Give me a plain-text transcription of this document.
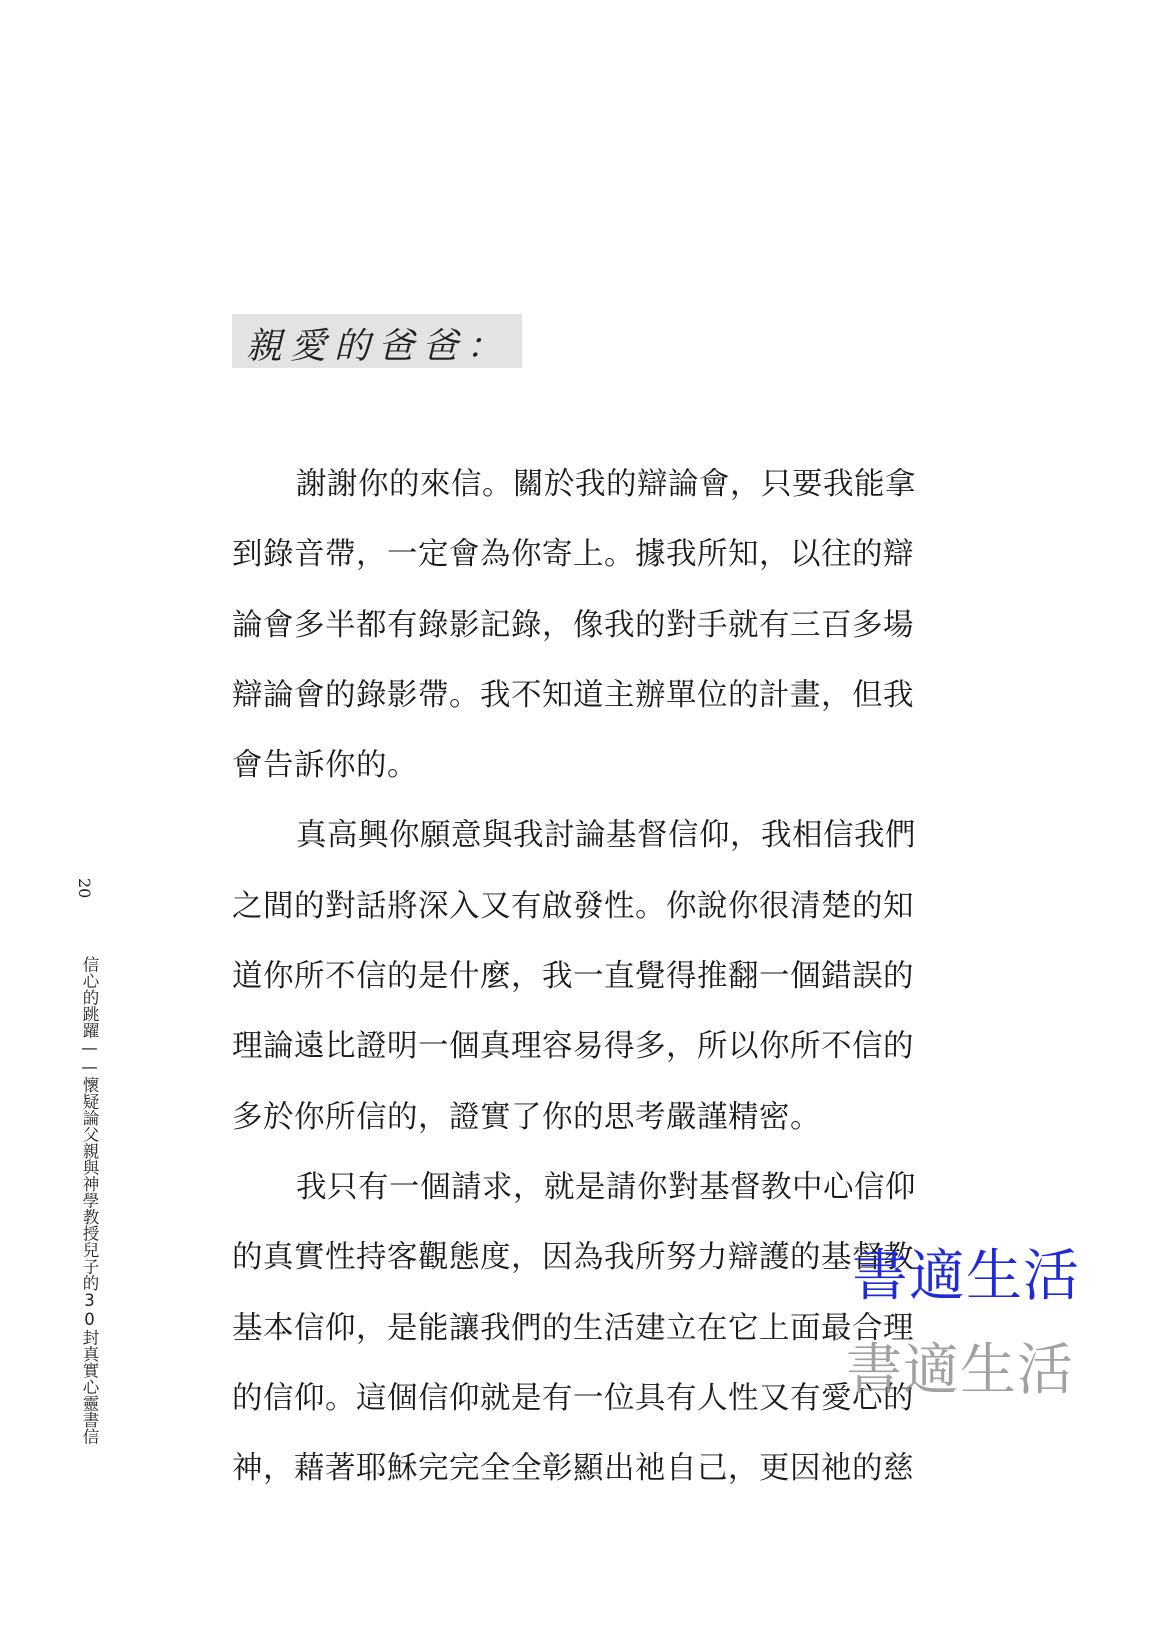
親愛的爸爸：
謝謝你的來信。關於我的辯論會，只要我能拿
到錄音帶，一定會為你寄上。據我所知，以往的辯
論會多半都有錄影記錄，像我的對手就有三百多場
辯論會的錄影帶。我不知道主辦單位的計畫，但我
會告訴你的。
真高興你願意與我討論基督信仰，我相信我們
之間的對話將深入又有啟發性。你說你很清楚的知
道你所不信的是什麼，我一直覺得推翻一個錯誤的
理論遠比證明一個真理容易得多，所以你所不信的
多於你所信的，證實了你的思考嚴謹精密。
我只有一個請求，就是請你對基督教中心信仰
的真實性持客觀態度，因為我所努力辯護的基督教
基本信仰，是能讓我們的生活建立在它上面最合理
的信仰。這個信仰就是有一位具有人性又有愛心的
神，藉著耶穌完完全全彰顯出祂自己，更因祂的慈
20
信心的跳躍——懷疑論父親與神學教授兒子的30封真實心靈書信	書適生活
書適生活
